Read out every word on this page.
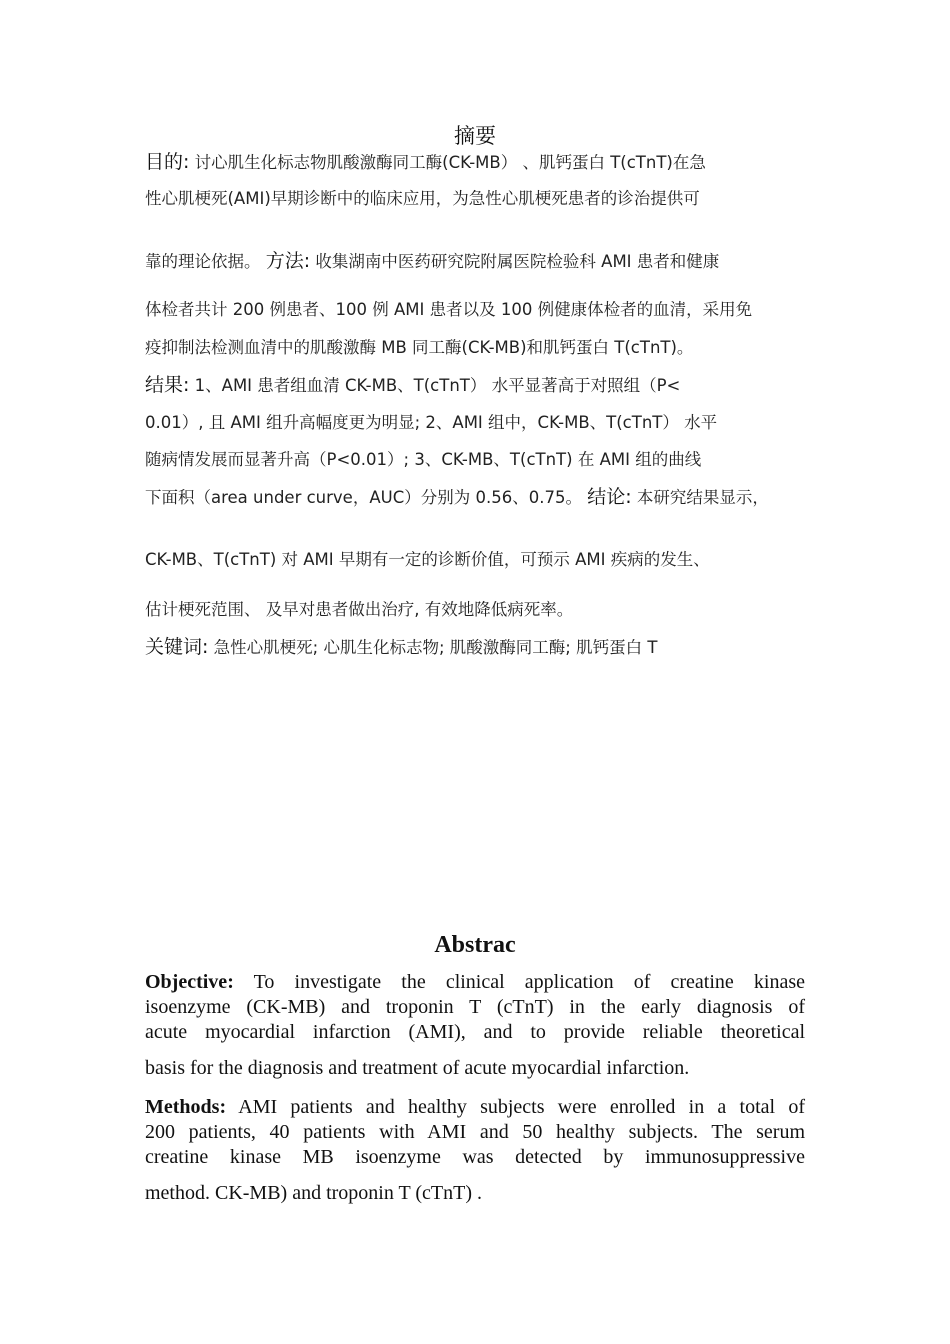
摘要
目的: 讨心肌生化标志物肌酸激酶同工酶(CK-MB） 、肌钙蛋白 T(cTnT)在急
性心肌梗死(AMI)早期诊断中的临床应用，为急性心肌梗死患者的诊治提供可
靠的理论依据。 方法: 收集湖南中医药研究院附属医院检验科 AMI 患者和健康
体检者共计 200 例患者、100 例 AMI 患者以及 100 例健康体检者的血清，采用免
疫抑制法检测血清中的肌酸激酶 MB 同工酶(CK-MB)和肌钙蛋白 T(cTnT)。
结果: 1、AMI 患者组血清 CK-MB、T(cTnT） 水平显著高于对照组（P<
0.01）, 且 AMI 组升高幅度更为明显; 2、AMI 组中，CK-MB、T(cTnT） 水平
随病情发展而显著升高（P<0.01）; 3、CK-MB、T(cTnT) 在 AMI 组的曲线
下面积（area under curve，AUC）分别为 0.56、0.75。 结论: 本研究结果显示，
CK-MB、T(cTnT) 对 AMI 早期有一定的诊断价值，可预示 AMI 疾病的发生、
估计梗死范围、 及早对患者做出治疗, 有效地降低病死率。
关键词: 急性心肌梗死; 心肌生化标志物; 肌酸激酶同工酶; 肌钙蛋白 T
Abstrac
Objective: To investigate the clinical application of creatine kinase
isoenzyme (CK-MB) and troponin T (cTnT) in the early diagnosis of
acute myocardial infarction (AMI), and to provide reliable theoretical
basis for the diagnosis and treatment of acute myocardial infarction.
Methods: AMI patients and healthy subjects were enrolled in a total of
200 patients, 40 patients with AMI and 50 healthy subjects. The serum
creatine kinase MB isoenzyme was detected by immunosuppressive
method. CK-MB) and troponin T (cTnT) .
